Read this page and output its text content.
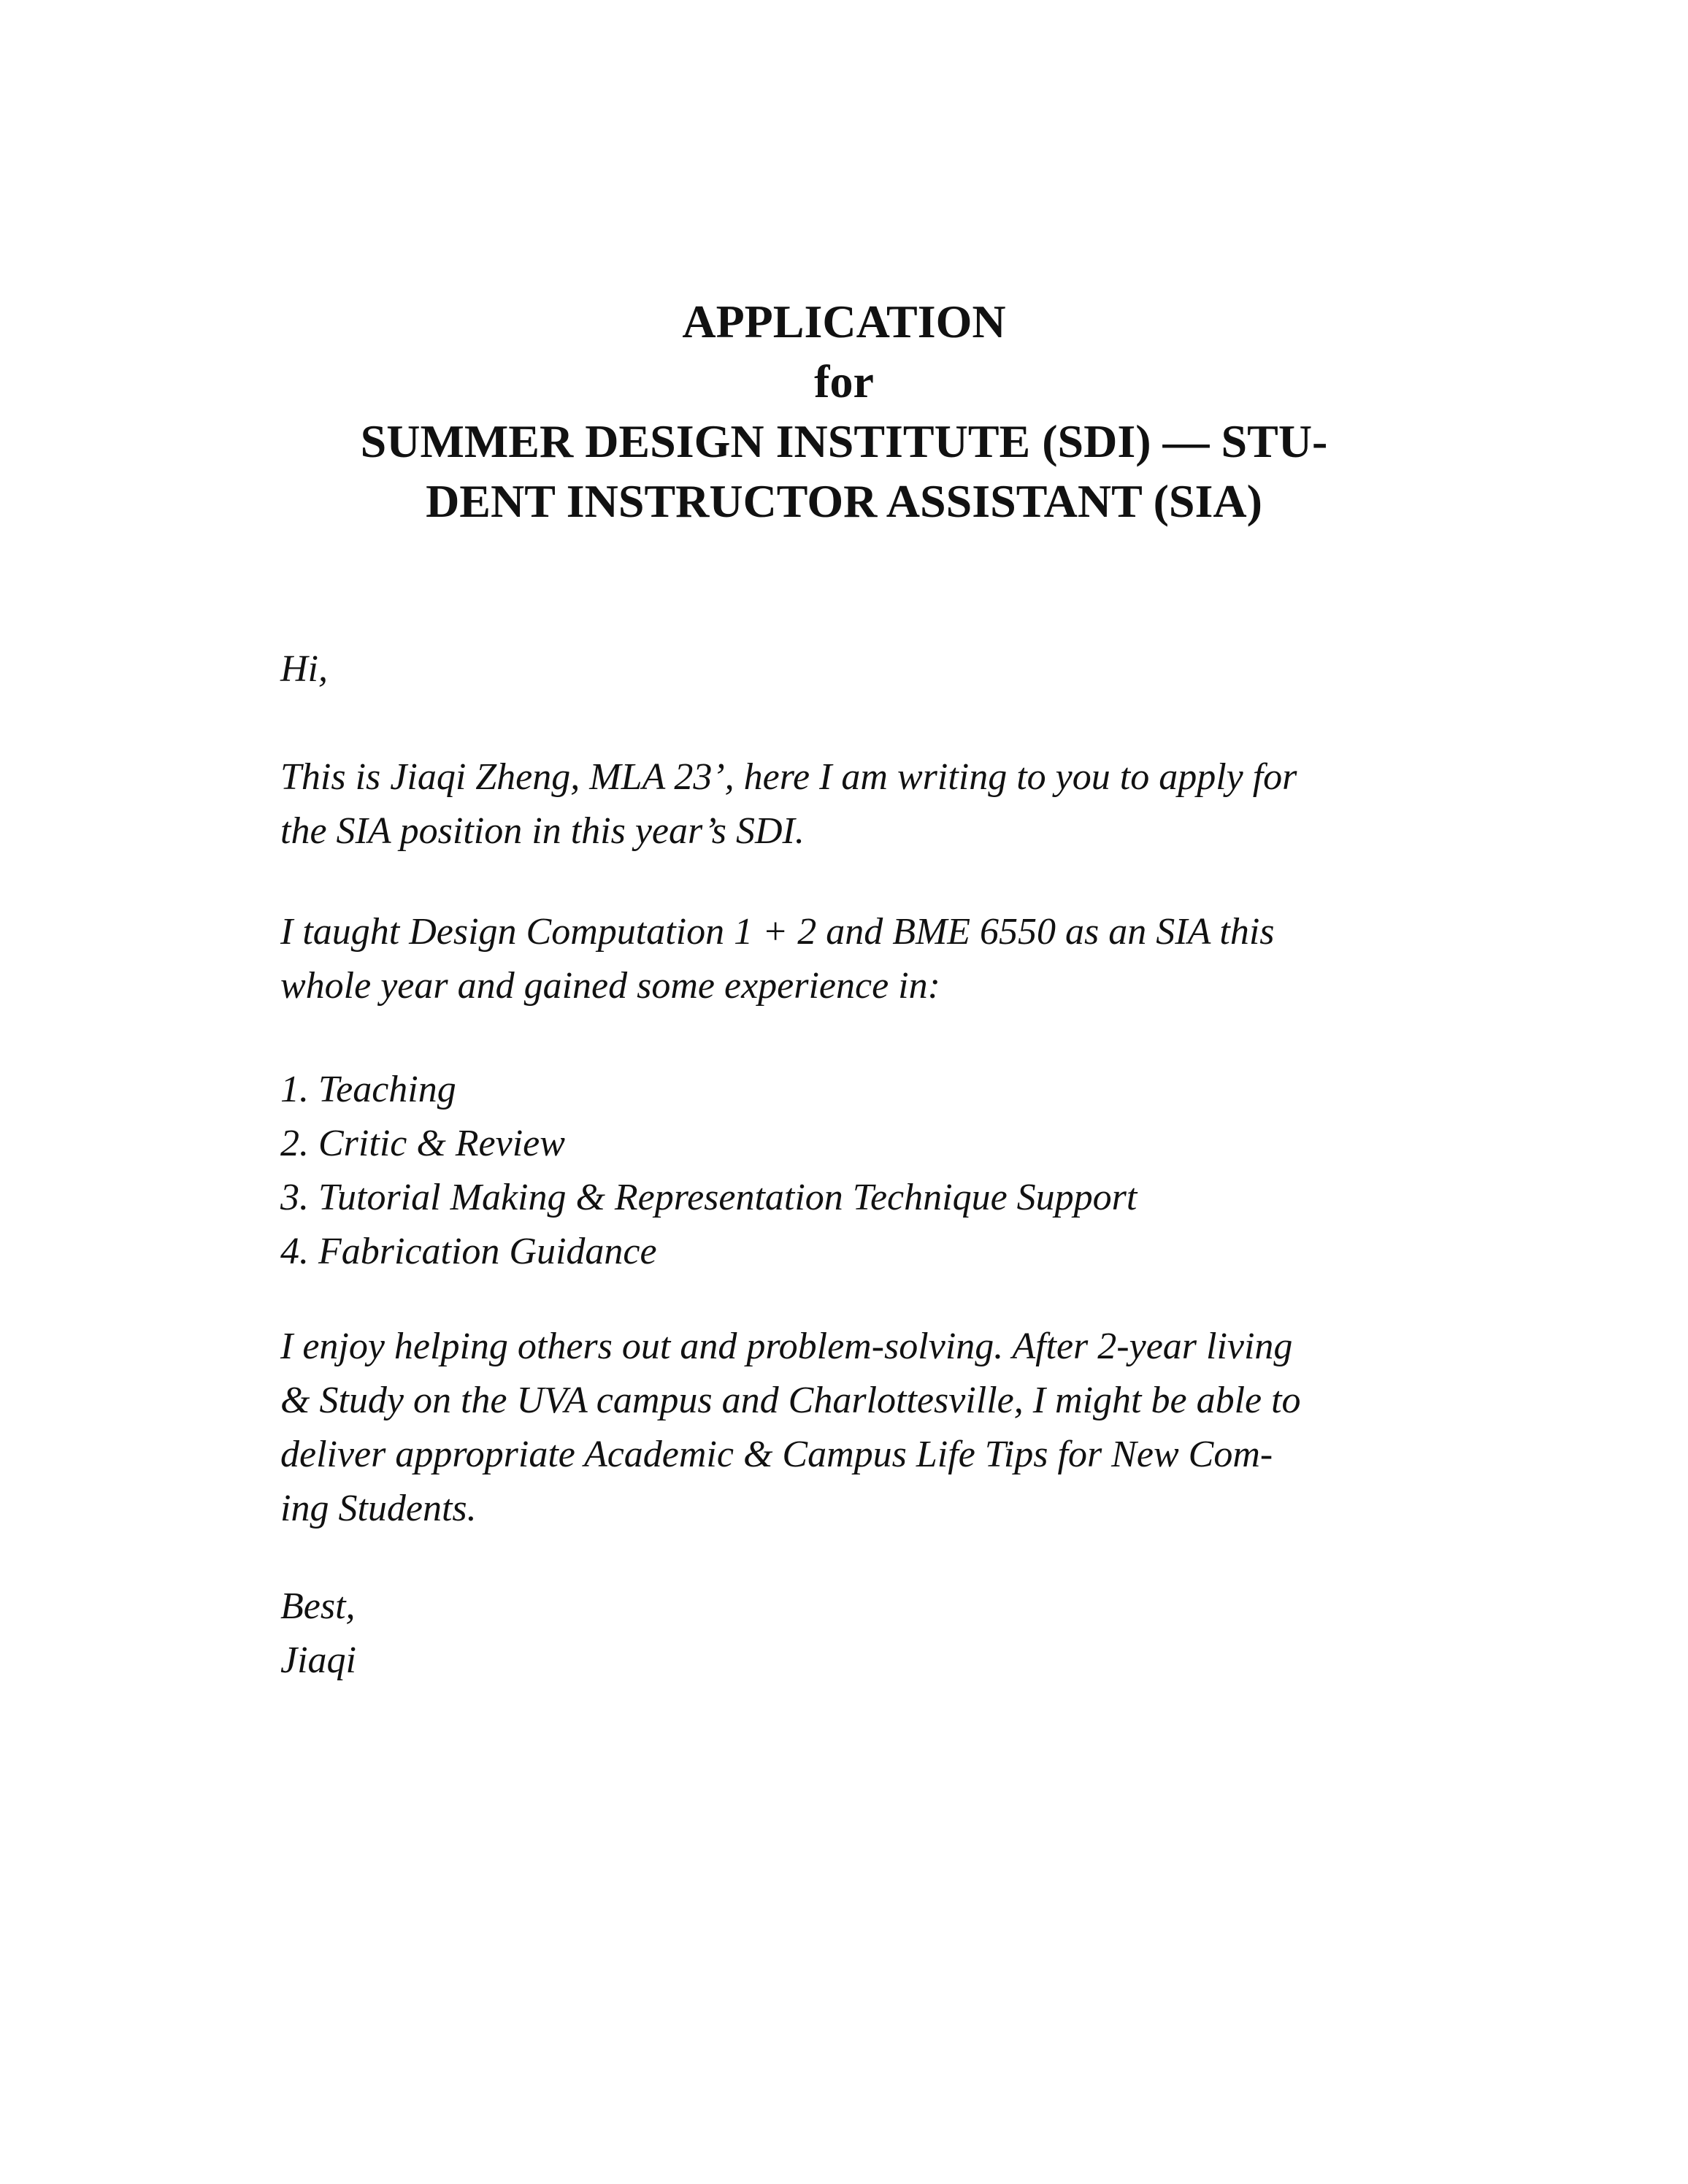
APPLICATION
for
SUMMER DESIGN INSTITUTE (SDI) — STU-
DENT INSTRUCTOR ASSISTANT (SIA)
Hi,
This is Jiaqi Zheng, MLA 23’, here I am writing to you to apply for
the SIA position in this year’s SDI.
I taught Design Computation 1 + 2 and BME 6550 as an SIA this
whole year and gained some experience in:
1. Teaching
2. Critic & Review
3. Tutorial Making & Representation Technique Support
4. Fabrication Guidance
I enjoy helping others out and problem-solving. After 2-year living
& Study on the UVA campus and Charlottesville, I might be able to
deliver appropriate Academic & Campus Life Tips for New Com-
ing Students.
Best,
Jiaqi
